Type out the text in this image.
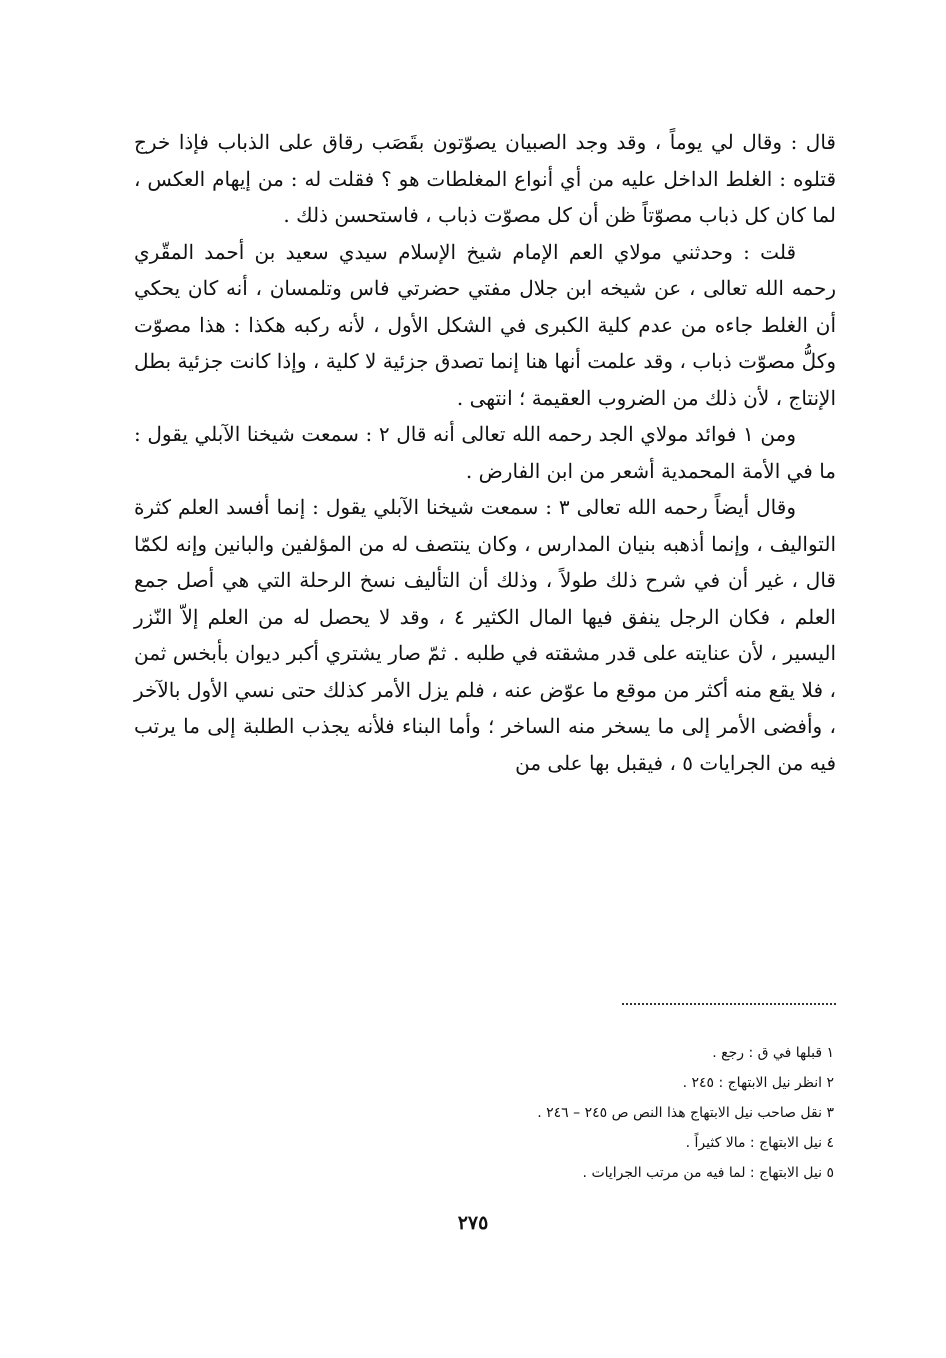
قال : وقال لي يوماً ، وقد وجد الصبيان يصوّتون بقَصَب رقاق على الذباب فإذا خرج قتلوه : الغلط الداخل عليه من أي أنواع المغلطات هو ؟ فقلت له : من إيهام العكس ، لما كان كل ذباب مصوّتاً ظن أن كل مصوّت ذباب ، فاستحسن ذلك .

قلت : وحدثني مولاي العم الإمام شيخ الإسلام سيدي سعيد بن أحمد المقّري رحمه الله تعالى ، عن شيخه ابن جلال مفتي حضرتي فاس وتلمسان ، أنه كان يحكي أن الغلط جاءه من عدم كلية الكبرى في الشكل الأول ، لأنه ركبه هكذا : هذا مصوّت وكلُّ مصوّت ذباب ، وقد علمت أنها هنا إنما تصدق جزئية لا كلية ، وإذا كانت جزئية بطل الإنتاج ، لأن ذلك من الضروب العقيمة ؛ انتهى .

ومن ١ فوائد مولاي الجد رحمه الله تعالى أنه قال ٢ : سمعت شيخنا الآبلي يقول : ما في الأمة المحمدية أشعر من ابن الفارض .

وقال أيضاً رحمه الله تعالى ٣ : سمعت شيخنا الآبلي يقول : إنما أفسد العلم كثرة التواليف ، وإنما أذهبه بنيان المدارس ، وكان ينتصف له من المؤلفين والبانين وإنه لكمّا قال ، غير أن في شرح ذلك طولاً ، وذلك أن التأليف نسخ الرحلة التي هي أصل جمع العلم ، فكان الرجل ينفق فيها المال الكثير ٤ ، وقد لا يحصل له من العلم إلاّ النّزر اليسير ، لأن عنايته على قدر مشقته في طلبه . ثمّ صار يشتري أكبر ديوان بأبخس ثمن ، فلا يقع منه أكثر من موقع ما عوّض عنه ، فلم يزل الأمر كذلك حتى نسي الأول بالآخر ، وأفضى الأمر إلى ما يسخر منه الساخر ؛ وأما البناء فلأنه يجذب الطلبة إلى ما يرتب فيه من الجرايات ٥ ، فيقبل بها على من

١ قبلها في ق : رجع .

٢ انظر نيل الابتهاج : ٢٤٥ .

٣ نقل صاحب نيل الابتهاج هذا النص ص ٢٤٥ – ٢٤٦ .

٤ نيل الابتهاج : مالا كثيراً .

٥ نيل الابتهاج : لما فيه من مرتب الجرايات .

٢٧٥
